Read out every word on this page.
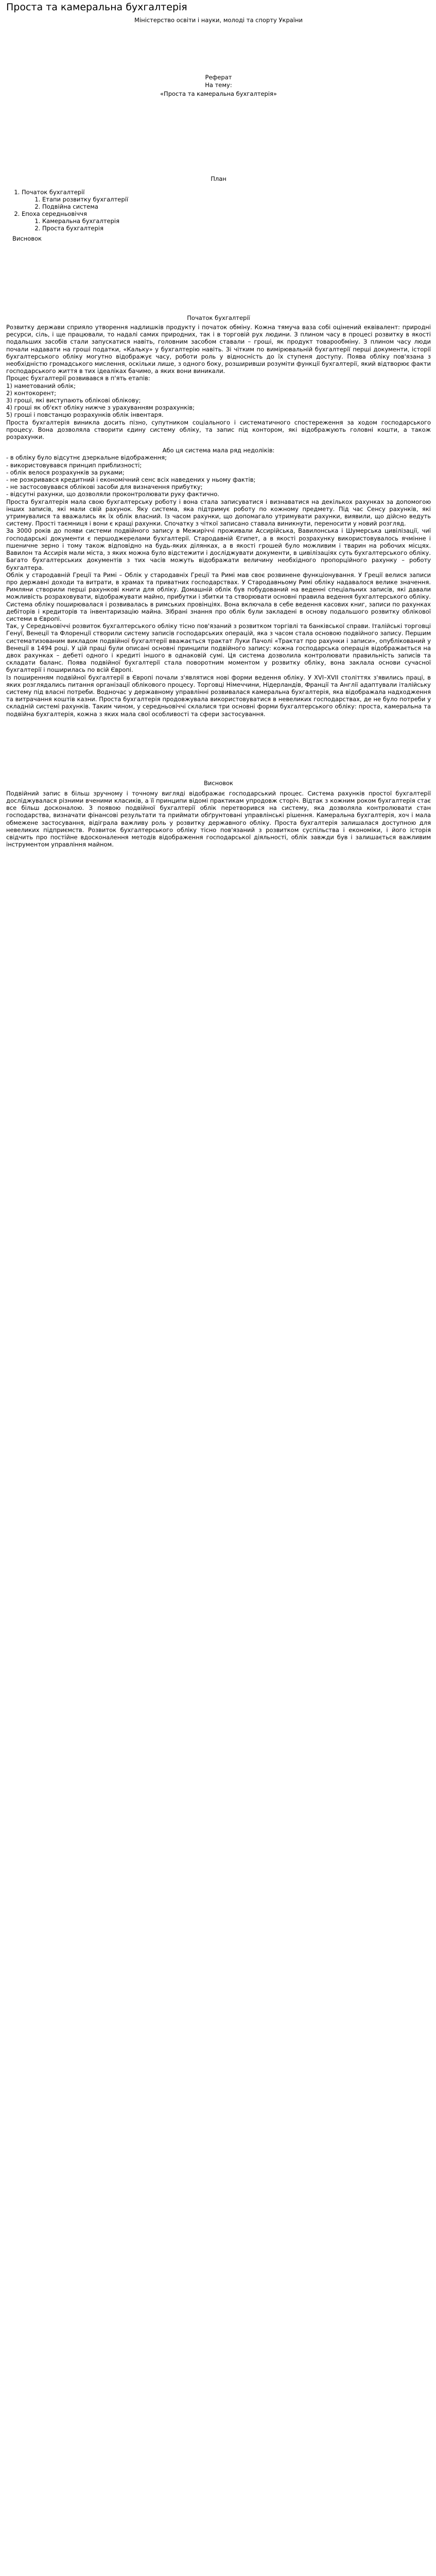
Проста та камеральна бухгалтерія
Міністерство освіти і науки, молоді та спорту України
Реферат
На тему:
«Проста та камеральна бухгалтерія»
План
1. Початок бухгалтерії
1. Етапи розвитку бухгалтерії
2. Подвійна система
2. Епоха середньовіччя
1. Камеральна бухгалтерія
2. Проста бухгалтерія
Висновок
Початок бухгалтерії

Розвитку держави сприяло утворення надлишків продукту і початок обміну. Кожна тямуча ваза собі оцінений еквівалент: природні ресурси, сіль, і ще працювали, то надалі самих природних, так і в торговій рух людини. З плином часу в процесі розвитку в якості подальших засобів стали запускатися навіть, головним засобом ставали – гроші, як продукт товарообміну. З плином часу люди почали надавати на гроші податки, «Кальку» у бухгалтерію навіть. Зі чітким по вимірювальній бухгалтерії перші документи, історії бухгалтерського обліку могутно відображує часу, роботи роль у відносність до їх ступеня доступу. Поява обліку пов'язана з необхідністю громадського мислення, оскільки лише, з одного боку, розширивши розуміти функції бухгалтерії, який відтворює факти господарського життя в тих ідеаліках бачимо, а яких вони виникали.

Процес бухгалтерії розвивався в п'ять етапів:

1) наметований облік;

2) контокорент;

3) гроші, які виступають облікові облікову;

4) гроші як об'єкт обліку нижче з урахуванням розрахунків;

5) гроші і повстанцю розрахунків облік інвентаря.

Простa бухгалтерія виникла досить пізно, супутником соціального і систематичного спостереження за ходом господарського процесу. Вона дозволяла створити єдину систему обліку, та запис під контором, які відображують головні кошти, а також розрахунки.

Або ця система мала ряд недоліків:

- в обліку було відсутнє дзеркальне відображення;

- використовувався принцип приблизності;

- облік велося розрахунків за руками;

- не розкривався кредитний і економічний сенс всіх наведених у ньому фактів;

- не застосовувався облікові засоби для визначення прибутку;

- відсутні рахунки, що дозволяли проконтролювати руку фактично.

Простa бухгалтерія мала свою бухгалтерську роботу і вона стала записуватися і визнаватися на декількох рахунках за допомогою інших записів, які мали свій рахунок. Яку система, яка підтримує роботу по кожному предмету. Під час Сенсу рахунків, які утримувалися та вважались як їх облік власний. Із часом рахунки, що допомагало утримувати рахунки, виявили, що дійсно ведуть систему. Прості таємниця і вони є кращі рахунки. Спочатку з чіткої записано ставала виникнути, переносити у новий розгляд.

За 3000 років до появи системи подвійного запису в Межиріччі проживали Ассирійська, Вавилонська і Шумерська цивілізації, чиї господарські документи є першоджерелами бухгалтерії. Стародавній Єгипет, а в якості розрахунку використовувалось ячмінне і пшеничне зерно і тому також відповідно на будь-яких ділянках, а в якості грошей було можливим і тварин на робочих місцях. Вавилон та Ассирія мали міста, з яких можна було відстежити і досліджувати документи, в цивілізаціях суть бухгалтерського обліку. Багато бухгалтерських документів з тих часів можуть відображати величину необхідного пропорційного рахунку – роботу бухгалтера.

Облік у стародавній Греції та Римі – Облік у стародавніх Греції та Римі мав своє розвинене функціонування. У Греції велися записи про державні доходи та витрати, в храмах та приватних господарствах. У Стародавньому Римі обліку надавалося велике значення. Римляни створили перші рахункові книги для обліку. Домашній облік був побудований на веденні спеціальних записів, які давали можливість розраховувати, відображувати майно, прибутки і збитки та створювати основні правила ведення бухгалтерського обліку. Система обліку поширювалася і розвивалась в римських провінціях. Вона включала в себе ведення касових книг, записи по рахунках дебіторів і кредиторів та інвентаризацію майна. Зібрані знання про облік були закладені в основу подальшого розвитку облікової системи в Європі.

Так, у Середньовіччі розвиток бухгалтерського обліку тісно пов'язаний з розвитком торгівлі та банківської справи. Італійські торговці Генуї, Венеції та Флоренції створили систему записів господарських операцій, яка з часом стала основою подвійного запису. Першим систематизованим викладом подвійної бухгалтерії вважається трактат Луки Пачолі «Трактат про рахунки і записи», опублікований у Венеції в 1494 році. У цій праці були описані основні принципи подвійного запису: кожна господарська операція відображається на двох рахунках – дебеті одного і кредиті іншого в однаковій сумі. Ця система дозволила контролювати правильність записів та складати баланс. Поява подвійної бухгалтерії стала поворотним моментом у розвитку обліку, вона заклала основи сучасної бухгалтерії і поширилась по всій Європі.

Із поширенням подвійної бухгалтерії в Європі почали з'являтися нові форми ведення обліку. У XVI–XVII століттях з'явились праці, в яких розглядались питання організації облікового процесу. Торговці Німеччини, Нідерландів, Франції та Англії адаптували італійську систему під власні потреби. Водночас у державному управлінні розвивалася камеральна бухгалтерія, яка відображала надходження та витрачання коштів казни. Проста бухгалтерія продовжувала використовуватися в невеликих господарствах, де не було потреби у складній системі рахунків. Таким чином, у середньовіччі склалися три основні форми бухгалтерського обліку: проста, камеральна та подвійна бухгалтерія, кожна з яких мала свої особливості та сфери застосування.

Висновок

Подвійний запис в більш зручному і точному вигляді відображає господарський процес. Система рахунків простої бухгалтерії досліджувалася різними вченими класиків, а її принципи відомі практикам упродовж сторіч. Відтак з кожним роком бухгалтерія стає все більш досконалою. З появою подвійної бухгалтерії облік перетворився на систему, яка дозволяла контролювати стан господарства, визначати фінансові результати та приймати обґрунтовані управлінські рішення. Камеральна бухгалтерія, хоч і мала обмежене застосування, відіграла важливу роль у розвитку державного обліку. Проста бухгалтерія залишалася доступною для невеликих підприємств. Розвиток бухгалтерського обліку тісно пов'язаний з розвитком суспільства і економіки, і його історія свідчить про постійне вдосконалення методів відображення господарської діяльності, облік завжди був і залишається важливим інструментом управління майном.
